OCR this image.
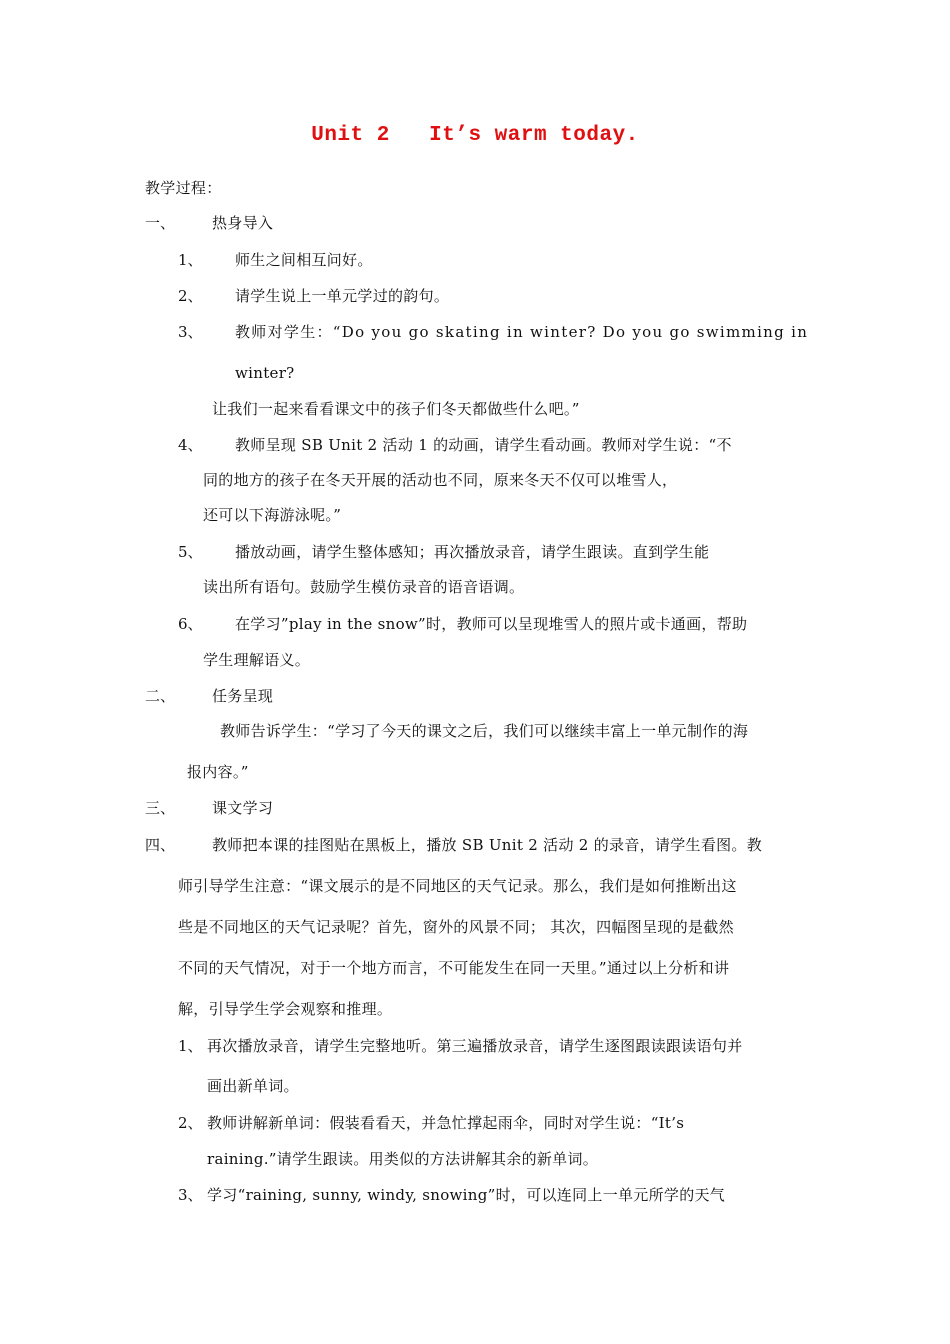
Unit 2   It’s warm today.
教学过程：
一、 热身导入
1、 师生之间相互问好。
2、 请学生说上一单元学过的韵句。
3、 教师对学生：“Do you go skating in winter? Do you go swimming in
winter?
让我们一起来看看课文中的孩子们冬天都做些什么吧。”
4、 教师呈现 SB Unit 2 活动 1 的动画，请学生看动画。教师对学生说：“不
同的地方的孩子在冬天开展的活动也不同，原来冬天不仅可以堆雪人，
还可以下海游泳呢。”
5、 播放动画，请学生整体感知；再次播放录音，请学生跟读。直到学生能
读出所有语句。鼓励学生模仿录音的语音语调。
6、 在学习”play in the snow”时，教师可以呈现堆雪人的照片或卡通画，帮助
学生理解语义。
二、 任务呈现
教师告诉学生：“学习了今天的课文之后，我们可以继续丰富上一单元制作的海
报内容。”
三、 课文学习
四、 教师把本课的挂图贴在黑板上，播放 SB Unit 2 活动 2 的录音，请学生看图。教
师引导学生注意：“课文展示的是不同地区的天气记录。那么，我们是如何推断出这
些是不同地区的天气记录呢？首先，窗外的风景不同； 其次，四幅图呈现的是截然
不同的天气情况，对于一个地方而言，不可能发生在同一天里。”通过以上分析和讲
解，引导学生学会观察和推理。
1、 再次播放录音，请学生完整地听。第三遍播放录音，请学生逐图跟读跟读语句并
画出新单词。
2、 教师讲解新单词：假装看看天，并急忙撑起雨伞，同时对学生说：“It’s
raining.”请学生跟读。用类似的方法讲解其余的新单词。
3、 学习“raining, sunny, windy, snowing”时，可以连同上一单元所学的天气
